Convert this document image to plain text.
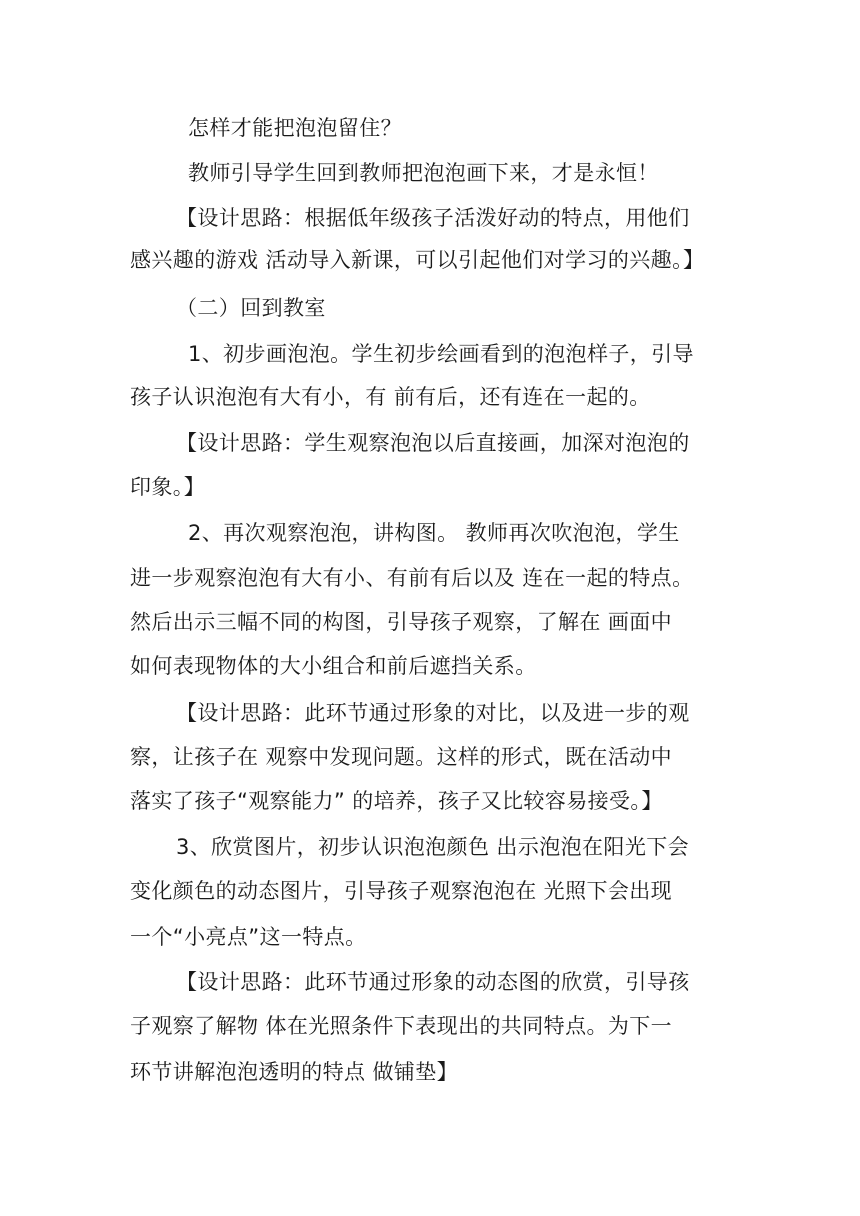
怎样才能把泡泡留住？
教师引导学生回到教师把泡泡画下来，才是永恒！
【设计思路：根据低年级孩子活泼好动的特点，用他们
感兴趣的游戏 活动导入新课，可以引起他们对学习的兴趣。】
（二）回到教室
1、初步画泡泡。学生初步绘画看到的泡泡样子，引导
孩子认识泡泡有大有小，有 前有后，还有连在一起的。
【设计思路：学生观察泡泡以后直接画，加深对泡泡的
印象。】
2、再次观察泡泡，讲构图。 教师再次吹泡泡，学生
进一步观察泡泡有大有小、有前有后以及 连在一起的特点。
然后出示三幅不同的构图，引导孩子观察，了解在 画面中
如何表现物体的大小组合和前后遮挡关系。
【设计思路：此环节通过形象的对比，以及进一步的观
察，让孩子在 观察中发现问题。这样的形式，既在活动中
落实了孩子“观察能力” 的培养，孩子又比较容易接受。】
3、欣赏图片，初步认识泡泡颜色 出示泡泡在阳光下会
变化颜色的动态图片，引导孩子观察泡泡在 光照下会出现
一个“小亮点”这一特点。
【设计思路：此环节通过形象的动态图的欣赏，引导孩
子观察了解物 体在光照条件下表现出的共同特点。为下一
环节讲解泡泡透明的特点 做铺垫】
